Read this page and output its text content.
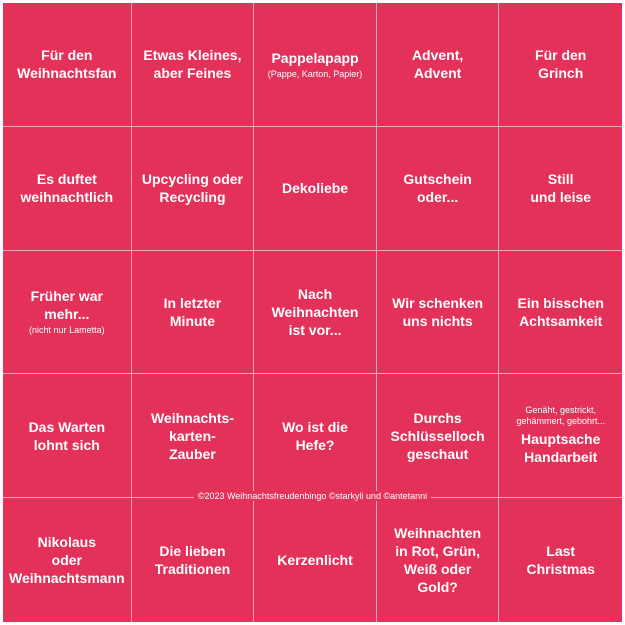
Für den
Weihnachtsfan
Etwas Kleines,
aber Feines
Pappelapapp
(Pappe, Karton, Papier)
Advent,
Advent
Für den
Grinch
Es duftet
weihnachtlich
Upcycling oder
Recycling
Dekoliebe
Gutschein
oder...
Still
und leise
Früher war
mehr...
(nicht nur Lametta)
In letzter
Minute
Nach
Weihnachten
ist vor...
Wir schenken
uns nichts
Ein bisschen
Achtsamkeit
Das Warten
lohnt sich
Weihnachts-
karten-
Zauber
Wo ist die
Hefe?
Durchs
Schlüsselloch
geschaut
Genäht, gestrickt,
gehämmert, gebohrt...
Hauptsache
Handarbeit
Nikolaus
oder
Weihnachtsmann
Die lieben
Traditionen
Kerzenlicht
Weihnachten
in Rot, Grün,
Weiß oder Gold?
Last
Christmas
©2023 Weihnachtsfreudenbingo ©starkyli und ©antetanni
